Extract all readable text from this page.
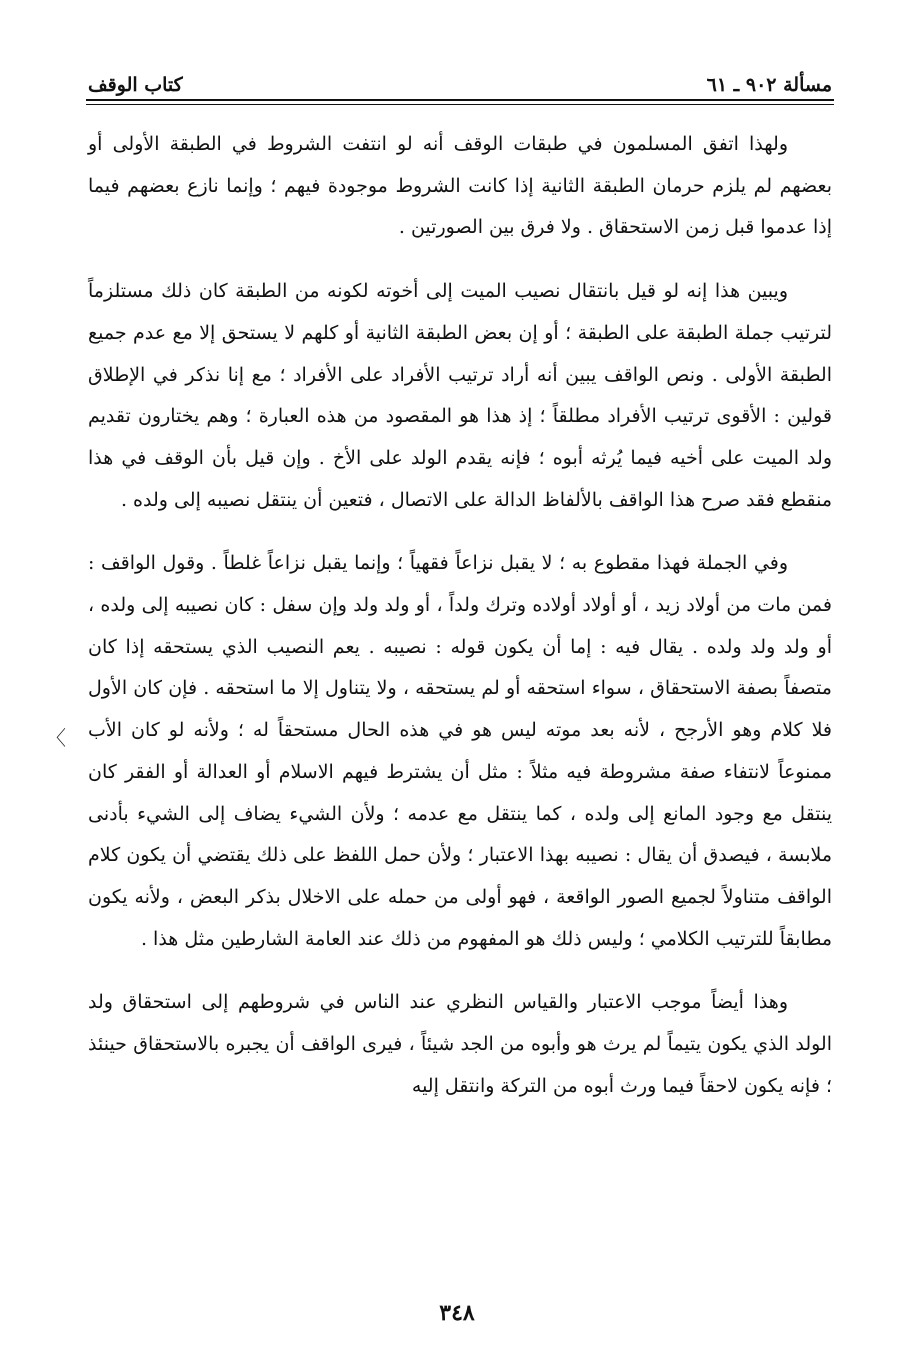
مسألة ٩٠٢ ـ ٦١
كتاب الوقف

ولهذا اتفق المسلمون في طبقات الوقف أنه لو انتفت الشروط في الطبقة الأولى أو بعضهم لم يلزم حرمان الطبقة الثانية إذا كانت الشروط موجودة فيهم ؛ وإنما نازع بعضهم فيما إذا عدموا قبل زمن الاستحقاق . ولا فرق بين الصورتين .

ويبين هذا إنه لو قيل بانتقال نصيب الميت إلى أخوته لكونه من الطبقة كان ذلك مستلزماً لترتيب جملة الطبقة على الطبقة ؛ أو إن بعض الطبقة الثانية أو كلهم لا يستحق إلا مع عدم جميع الطبقة الأولى . ونص الواقف يبين أنه أراد ترتيب الأفراد على الأفراد ؛ مع إنا نذكر في الإطلاق قولين : الأقوى ترتيب الأفراد مطلقاً ؛ إذ هذا هو المقصود من هذه العبارة ؛ وهم يختارون تقديم ولد الميت على أخيه فيما يُرثه أبوه ؛ فإنه يقدم الولد على الأخ . وإن قيل بأن الوقف في هذا منقطع فقد صرح هذا الواقف بالألفاظ الدالة على الاتصال ، فتعين أن ينتقل نصيبه إلى ولده .

وفي الجملة فهذا مقطوع به ؛ لا يقبل نزاعاً فقهياً ؛ وإنما يقبل نزاعاً غلطاً . وقول الواقف : فمن مات من أولاد زيد ، أو أولاد أولاده وترك ولداً ، أو ولد ولد وإن سفل : كان نصيبه إلى ولده ، أو ولد ولد ولده . يقال فيه : إما أن يكون قوله : نصيبه . يعم النصيب الذي يستحقه إذا كان متصفاً بصفة الاستحقاق ، سواء استحقه أو لم يستحقه ، ولا يتناول إلا ما استحقه . فإن كان الأول فلا كلام وهو الأرجح ، لأنه بعد موته ليس هو في هذه الحال مستحقاً له ؛ ولأنه لو كان الأب ممنوعاً لانتفاء صفة مشروطة فيه مثلاً : مثل أن يشترط فيهم الاسلام أو العدالة أو الفقر كان ينتقل مع وجود المانع إلى ولده ، كما ينتقل مع عدمه ؛ ولأن الشيء يضاف إلى الشيء بأدنى ملابسة ، فيصدق أن يقال : نصيبه بهذا الاعتبار ؛ ولأن حمل اللفظ على ذلك يقتضي أن يكون كلام الواقف متناولاً لجميع الصور الواقعة ، فهو أولى من حمله على الاخلال بذكر البعض ، ولأنه يكون مطابقاً للترتيب الكلامي ؛ وليس ذلك هو المفهوم من ذلك عند العامة الشارطين مثل هذا .

وهذا أيضاً موجب الاعتبار والقياس النظري عند الناس في شروطهم إلى استحقاق ولد الولد الذي يكون يتيماً لم يرث هو وأبوه من الجد شيئاً ، فيرى الواقف أن يجبره بالاستحقاق حينئذ ؛ فإنه يكون لاحقاً فيما ورث أبوه من التركة وانتقل إليه

〈
٣٤٨
